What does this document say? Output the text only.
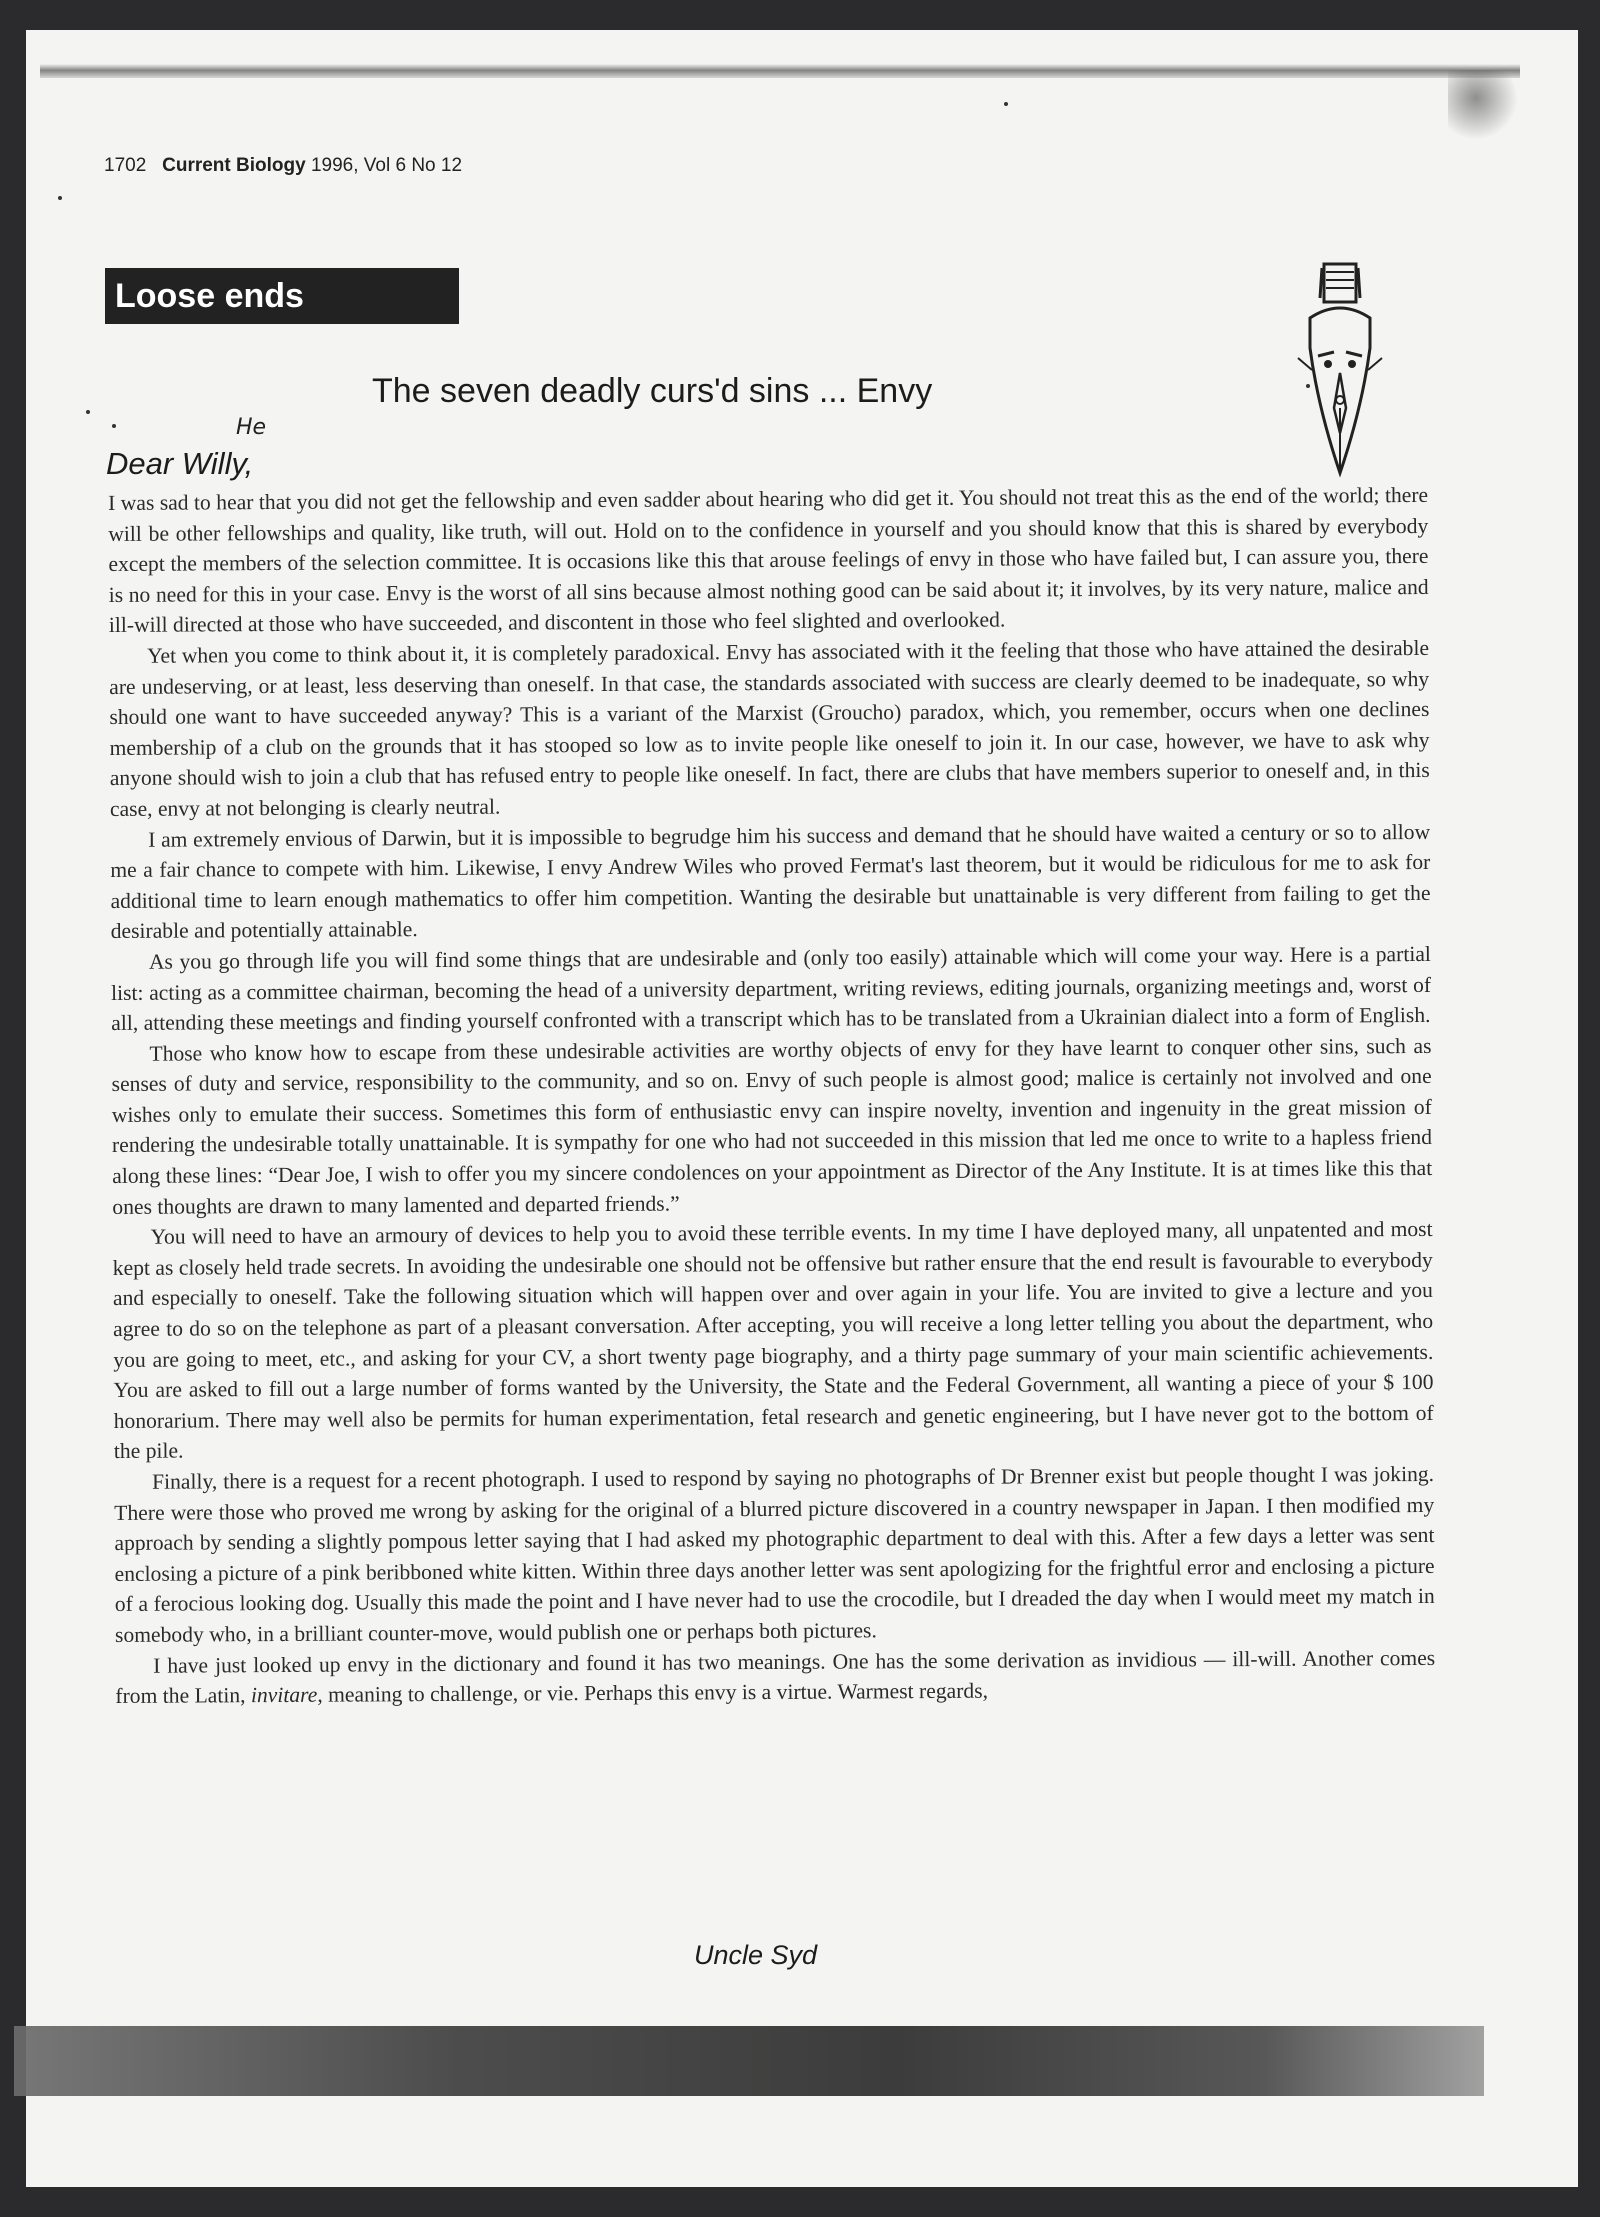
1702 Current Biology 1996, Vol 6 No 12
Loose ends
The seven deadly curs'd sins ... Envy
He
Dear Willy,

I was sad to hear that you did not get the fellowship and even sadder about hearing who did get it. You should not treat this as the end of the world; there will be other fellowships and quality, like truth, will out. Hold on to the confidence in yourself and you should know that this is shared by everybody except the members of the selection committee. It is occasions like this that arouse feelings of envy in those who have failed but, I can assure you, there is no need for this in your case. Envy is the worst of all sins because almost nothing good can be said about it; it involves, by its very nature, malice and ill-will directed at those who have succeeded, and discontent in those who feel slighted and overlooked.

Yet when you come to think about it, it is completely paradoxical. Envy has associated with it the feeling that those who have attained the desirable are undeserving, or at least, less deserving than oneself. In that case, the standards associated with success are clearly deemed to be inadequate, so why should one want to have succeeded anyway? This is a variant of the Marxist (Groucho) paradox, which, you remember, occurs when one declines membership of a club on the grounds that it has stooped so low as to invite people like oneself to join it. In our case, however, we have to ask why anyone should wish to join a club that has refused entry to people like oneself. In fact, there are clubs that have members superior to oneself and, in this case, envy at not belonging is clearly neutral.

I am extremely envious of Darwin, but it is impossible to begrudge him his success and demand that he should have waited a century or so to allow me a fair chance to compete with him. Likewise, I envy Andrew Wiles who proved Fermat's last theorem, but it would be ridiculous for me to ask for additional time to learn enough mathematics to offer him competition. Wanting the desirable but unattainable is very different from failing to get the desirable and potentially attainable.

As you go through life you will find some things that are undesirable and (only too easily) attainable which will come your way. Here is a partial list: acting as a committee chairman, becoming the head of a university department, writing reviews, editing journals, organizing meetings and, worst of all, attending these meetings and finding yourself confronted with a transcript which has to be translated from a Ukrainian dialect into a form of English.

Those who know how to escape from these undesirable activities are worthy objects of envy for they have learnt to conquer other sins, such as senses of duty and service, responsibility to the community, and so on. Envy of such people is almost good; malice is certainly not involved and one wishes only to emulate their success. Sometimes this form of enthusiastic envy can inspire novelty, invention and ingenuity in the great mission of rendering the undesirable totally unattainable. It is sympathy for one who had not succeeded in this mission that led me once to write to a hapless friend along these lines: “Dear Joe, I wish to offer you my sincere condolences on your appointment as Director of the Any Institute. It is at times like this that ones thoughts are drawn to many lamented and departed friends.”

You will need to have an armoury of devices to help you to avoid these terrible events. In my time I have deployed many, all unpatented and most kept as closely held trade secrets. In avoiding the undesirable one should not be offensive but rather ensure that the end result is favourable to everybody and especially to oneself. Take the following situation which will happen over and over again in your life. You are invited to give a lecture and you agree to do so on the telephone as part of a pleasant conversation. After accepting, you will receive a long letter telling you about the department, who you are going to meet, etc., and asking for your CV, a short twenty page biography, and a thirty page summary of your main scientific achievements. You are asked to fill out a large number of forms wanted by the University, the State and the Federal Government, all wanting a piece of your $ 100 honorarium. There may well also be permits for human experimentation, fetal research and genetic engineering, but I have never got to the bottom of the pile.

Finally, there is a request for a recent photograph. I used to respond by saying no photographs of Dr Brenner exist but people thought I was joking. There were those who proved me wrong by asking for the original of a blurred picture discovered in a country newspaper in Japan. I then modified my approach by sending a slightly pompous letter saying that I had asked my photographic department to deal with this. After a few days a letter was sent enclosing a picture of a pink beribboned white kitten. Within three days another letter was sent apologizing for the frightful error and enclosing a picture of a ferocious looking dog. Usually this made the point and I have never had to use the crocodile, but I dreaded the day when I would meet my match in somebody who, in a brilliant counter-move, would publish one or perhaps both pictures.

I have just looked up envy in the dictionary and found it has two meanings. One has the some derivation as invidious — ill-will. Another comes from the Latin, invitare, meaning to challenge, or vie. Perhaps this envy is a virtue. Warmest regards,

Uncle Syd
